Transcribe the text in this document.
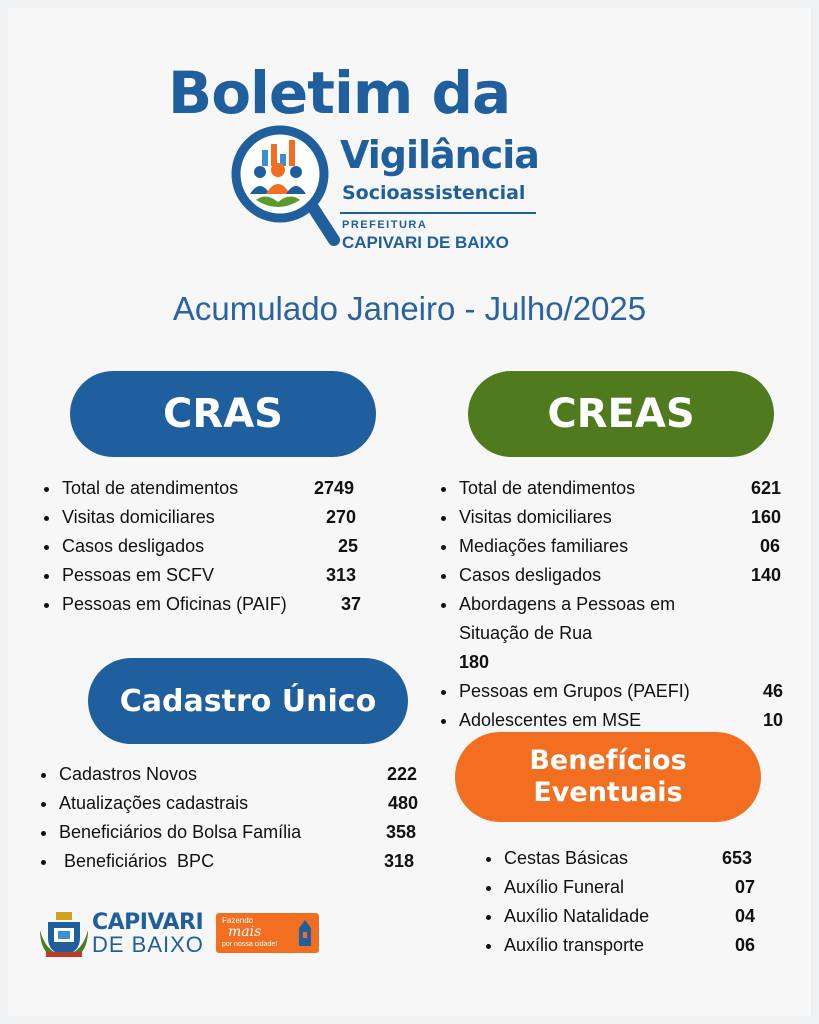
Boletim da
Vigilância
Socioassistencial
PREFEITURA
CAPIVARI DE BAIXO
Acumulado Janeiro - Julho/2025
CRAS
Total de atendimentos	2749
Visitas domiciliares	270
Casos desligados	25
Pessoas em SCFV	313
Pessoas em Oficinas (PAIF)	37
CREAS
Total de atendimentos	621
Visitas domiciliares	160
Mediações familiares	06
Casos desligados	140
Abordagens a Pessoas em
Situação de Rua
180
Pessoas em Grupos (PAEFI)	46
Adolescentes em MSE	10
Cadastro Único
Cadastros Novos	222
Atualizações cadastrais	480
Beneficiários do Bolsa Família	358
Beneficiários  BPC	318
Benefícios
Eventuais
Cestas Básicas	653
Auxílio Funeral	07
Auxílio Natalidade	04
Auxílio transporte	06
CAPIVARI
DE BAIXO
Fazendo
mais
por nossa cidade!
